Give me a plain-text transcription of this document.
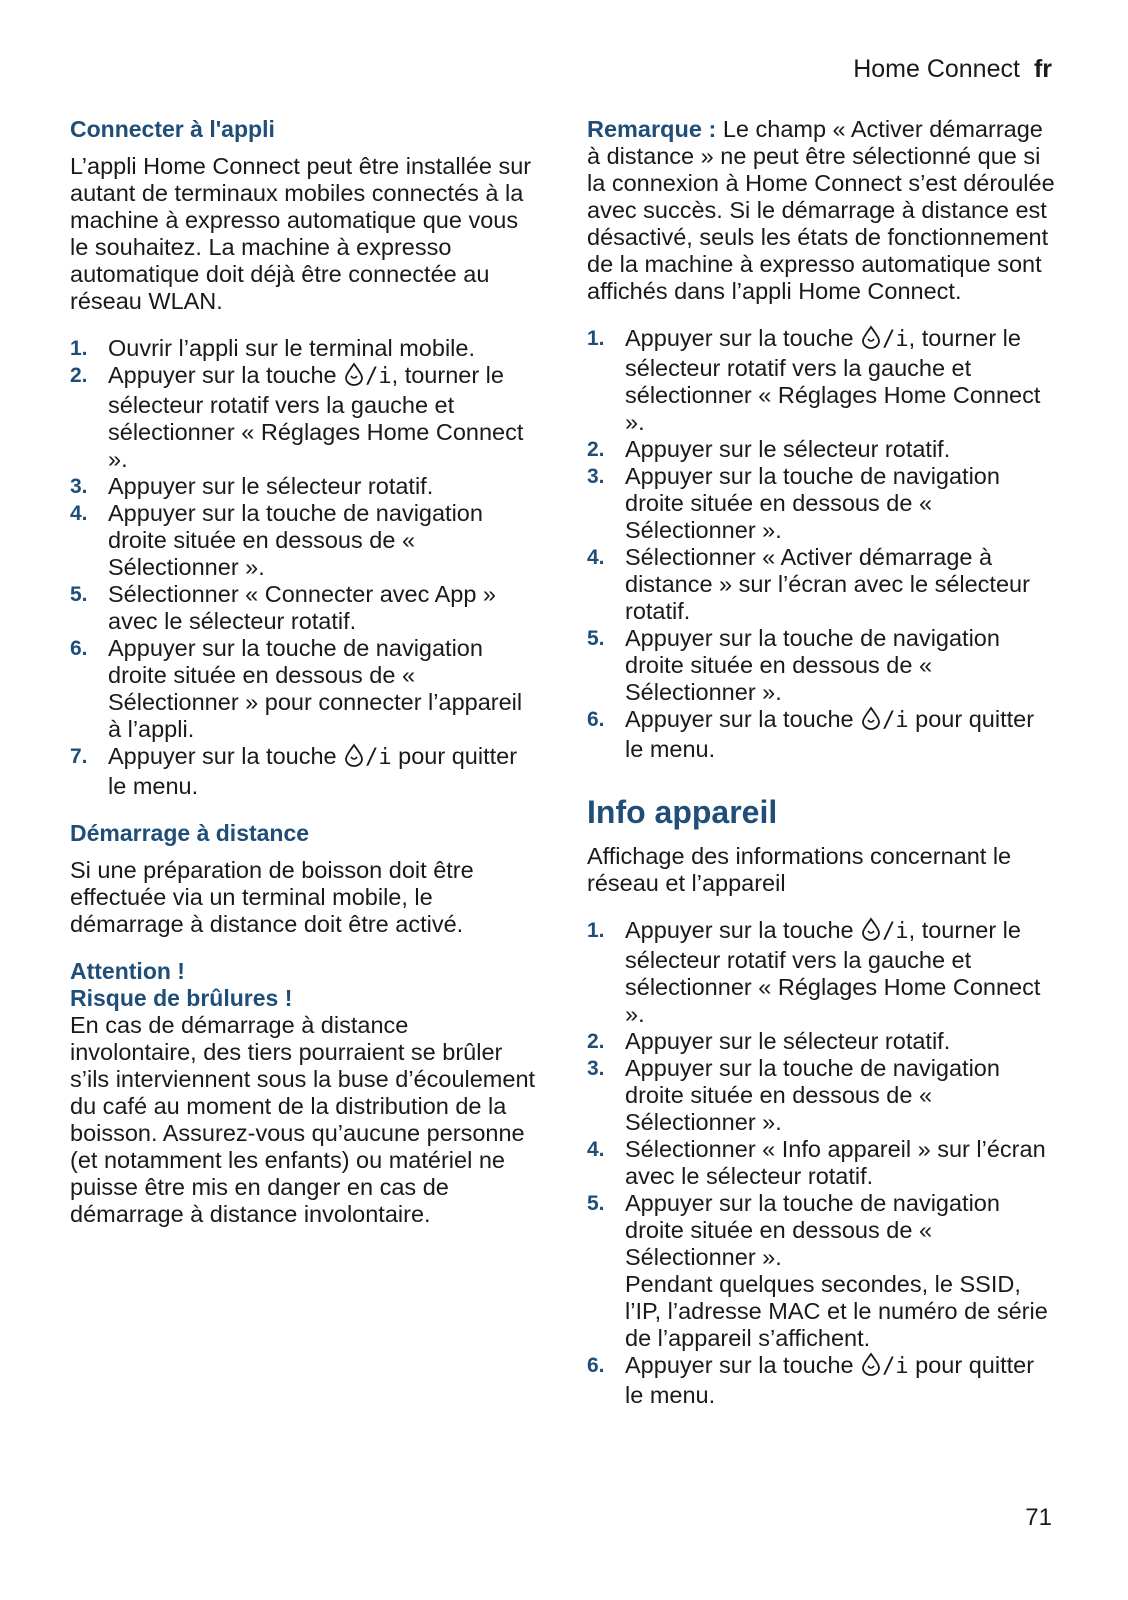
Home Connect fr
Connecter à l'appli

L’appli Home Connect peut être installée sur autant de terminaux mobiles connectés à la machine à expresso automatique que vous le souhaitez. La machine à expresso automatique doit déjà être connectée au réseau WLAN.

1. Ouvrir l’appli sur le terminal mobile.
2. Appuyer sur la touche /i, tourner le sélecteur rotatif vers la gauche et sélectionner « Réglages Home Connect ».
3. Appuyer sur le sélecteur rotatif.
4. Appuyer sur la touche de navigation droite située en dessous de « Sélectionner ».
5. Sélectionner « Connecter avec App » avec le sélecteur rotatif.
6. Appuyer sur la touche de navigation droite située en dessous de « Sélectionner » pour connecter l’appareil à l’appli.
7. Appuyer sur la touche /i pour quitter le menu.
Démarrage à distance

Si une préparation de boisson doit être effectuée via un terminal mobile, le démarrage à distance doit être activé.

Attention !
Risque de brûlures !

En cas de démarrage à distance involontaire, des tiers pourraient se brûler s’ils interviennent sous la buse d’écoulement du café au moment de la distribution de la boisson. Assurez-vous qu’aucune personne (et notamment les enfants) ou matériel ne puisse être mis en danger en cas de démarrage à distance involontaire.

Remarque : Le champ « Activer démarrage à distance » ne peut être sélectionné que si la connexion à Home Connect s’est déroulée avec succès. Si le démarrage à distance est désactivé, seuls les états de fonctionnement de la machine à expresso automatique sont affichés dans l’appli Home Connect.

1. Appuyer sur la touche /i, tourner le sélecteur rotatif vers la gauche et sélectionner « Réglages Home Connect ».
2. Appuyer sur le sélecteur rotatif.
3. Appuyer sur la touche de navigation droite située en dessous de « Sélectionner ».
4. Sélectionner « Activer démarrage à distance » sur l’écran avec le sélecteur rotatif.
5. Appuyer sur la touche de navigation droite située en dessous de « Sélectionner ».
6. Appuyer sur la touche /i pour quitter le menu.
Info appareil

Affichage des informations concernant le réseau et l’appareil

1. Appuyer sur la touche /i, tourner le sélecteur rotatif vers la gauche et sélectionner « Réglages Home Connect ».
2. Appuyer sur le sélecteur rotatif.
3. Appuyer sur la touche de navigation droite située en dessous de « Sélectionner ».
4. Sélectionner « Info appareil » sur l’écran avec le sélecteur rotatif.
5. Appuyer sur la touche de navigation droite située en dessous de « Sélectionner ».
Pendant quelques secondes, le SSID, l’IP, l’adresse MAC et le numéro de série de l’appareil s’affichent.
6. Appuyer sur la touche /i pour quitter le menu.
71
